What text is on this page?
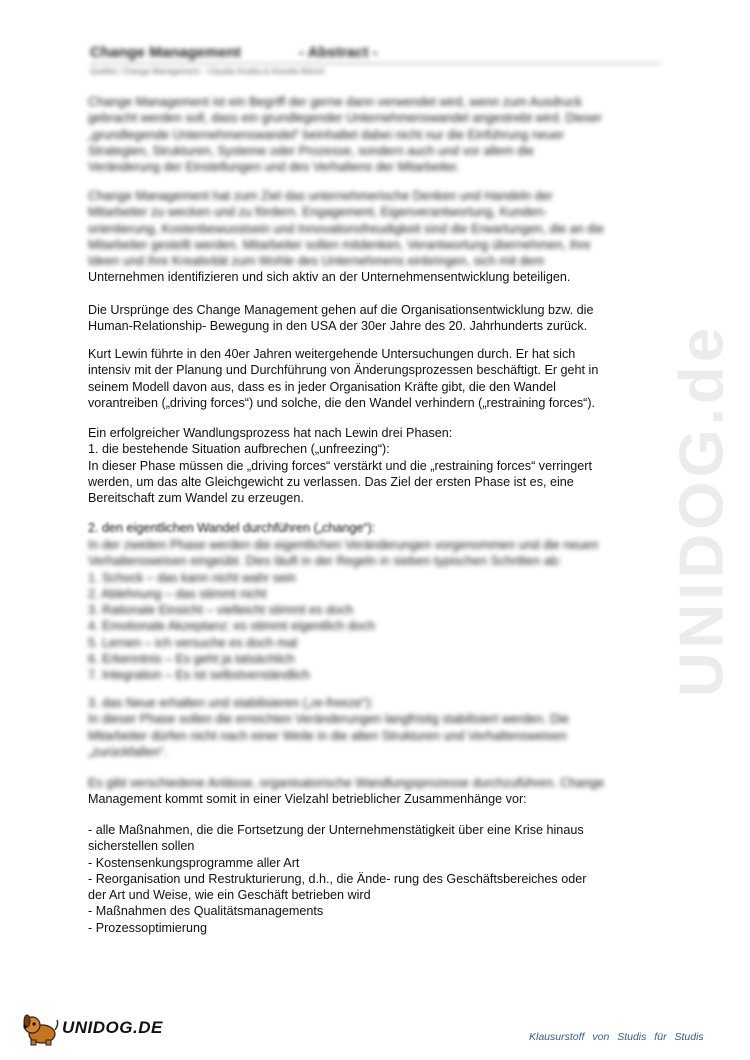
Change Management	- Abstract -
Quellen: Change Management – Claudia Kostka & Annette Mönch
Change Management ist ein Begriff der gerne dann verwendet wird, wenn zum Ausdruck
gebracht werden soll, dass ein grundlegender Unternehmenswandel angestrebt wird. Dieser
„grundlegende Unternehmenswandel“ beinhaltet dabei nicht nur die Einführung neuer
Strategien, Strukturen, Systeme oder Prozesse, sondern auch und vor allem die
Veränderung der Einstellungen und des Verhaltens der Mitarbeiter.
Change Management hat zum Ziel das unternehmerische Denken und Handeln der
Mitarbeiter zu wecken und zu fördern. Engagement, Eigenverantwortung, Kunden-
orientierung, Kostenbewusstsein und Innovationsfreudigkeit sind die Erwartungen, die an die
Mitarbeiter gestellt werden. Mitarbeiter sollen mitdenken, Verantwortung übernehmen, ihre
Ideen und ihre Kreativität zum Wohle des Unternehmens einbringen, sich mit dem
Unternehmen identifizieren und sich aktiv an der Unternehmensentwicklung beteiligen.
Die Ursprünge des Change Management gehen auf die Organisationsentwicklung bzw. die
Human-Relationship- Bewegung in den USA der 30er Jahre des 20. Jahrhunderts zurück.
Kurt Lewin führte in den 40er Jahren weitergehende Untersuchungen durch. Er hat sich
intensiv mit der Planung und Durchführung von Änderungsprozessen beschäftigt. Er geht in
seinem Modell davon aus, dass es in jeder Organisation Kräfte gibt, die den Wandel
vorantreiben („driving forces“) und solche, die den Wandel verhindern („restraining forces“).
Ein erfolgreicher Wandlungsprozess hat nach Lewin drei Phasen:
1. die bestehende Situation aufbrechen („unfreezing“):
In dieser Phase müssen die „driving forces“ verstärkt und die „restraining forces“ verringert
werden, um das alte Gleichgewicht zu verlassen. Das Ziel der ersten Phase ist es, eine
Bereitschaft zum Wandel zu erzeugen.
2. den eigentlichen Wandel durchführen („change“):
In der zweiten Phase werden die eigentlichen Veränderungen vorgenommen und die neuen
Verhaltensweisen eingeübt. Dies läuft in der Regeln in sieben typischen Schritten ab:
1. Schock – das kann nicht wahr sein
2. Ablehnung – das stimmt nicht
3. Rationale Einsicht – vielleicht stimmt es doch
4. Emotionale Akzeptanz: es stimmt eigentlich doch
5. Lernen – ich versuche es doch mal
6. Erkenntnis – Es geht ja tatsächlich
7. Integration – Es ist selbstverständlich
3. das Neue erhalten und stabilisieren („re-freeze“):
In dieser Phase sollen die erreichten Veränderungen langfristig stabilisiert werden. Die
Mitarbeiter dürfen nicht nach einer Weile in die alten Strukturen und Verhaltensweisen
„zurückfallen“.
Es gibt verschiedene Anlässe, organisatorische Wandlungsprozesse durchzuführen. Change
Management kommt somit in einer Vielzahl betrieblicher Zusammenhänge vor:
- alle Maßnahmen, die die Fortsetzung der Unternehmenstätigkeit über eine Krise hinaus
sicherstellen sollen
- Kostensenkungsprogramme aller Art
- Reorganisation und Restrukturierung, d.h., die Ände- rung des Geschäftsbereiches oder
der Art und Weise, wie ein Geschäft betrieben wird
- Maßnahmen des Qualitätsmanagements
- Prozessoptimierung
UNIDOG.de
UNIDOG.DE	Klausurstoff von Studis für Studis
